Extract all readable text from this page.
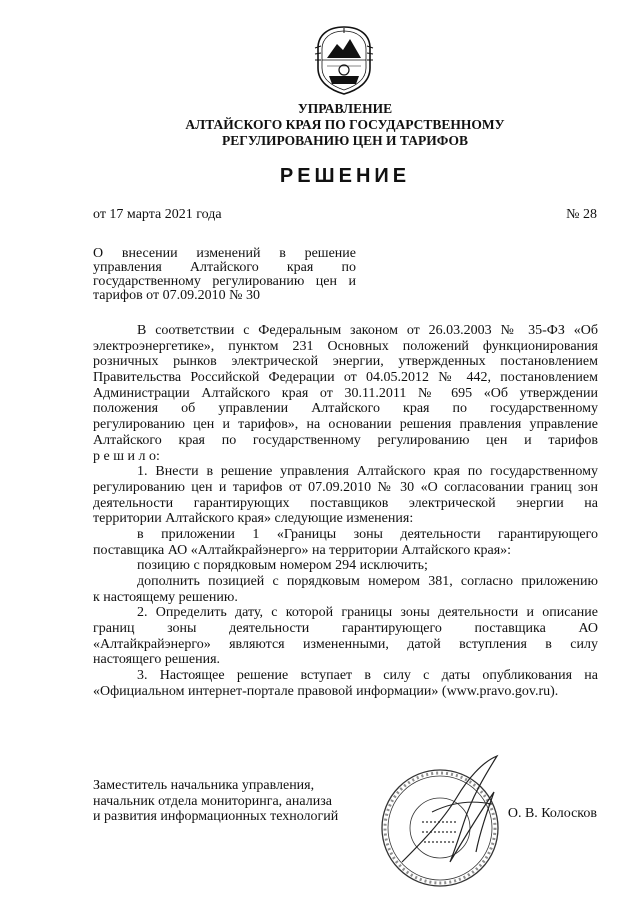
УПРАВЛЕНИЕ
АЛТАЙСКОГО КРАЯ ПО ГОСУДАРСТВЕННОМУ
РЕГУЛИРОВАНИЮ ЦЕН И ТАРИФОВ
РЕШЕНИЕ
от 17 марта 2021 года	№ 28
О внесении изменений в решение
управления Алтайского края по
государственному регулированию цен и
тарифов от 07.09.2010 № 30
В соответствии с Федеральным законом от 26.03.2003 № 35-ФЗ «Об
электроэнергетике», пунктом 231 Основных положений функционирования
розничных рынков электрической энергии, утвержденных постановлением
Правительства Российской Федерации от 04.05.2012 № 442, постановлением
Администрации Алтайского края от 30.11.2011 № 695 «Об утверждении
положения об управлении Алтайского края по государственному
регулированию цен и тарифов», на основании решения правления управление
Алтайского края по государственному регулированию цен и тарифов
р е ш и л о:
1. Внести в решение управления Алтайского края по государственному
регулированию цен и тарифов от 07.09.2010 № 30 «О согласовании границ зон
деятельности гарантирующих поставщиков электрической энергии на
территории Алтайского края» следующие изменения:
в приложении 1 «Границы зоны деятельности гарантирующего
поставщика АО «Алтайкрайэнерго» на территории Алтайского края»:
позицию с порядковым номером 294 исключить;
дополнить позицией с порядковым номером 381, согласно приложению
к настоящему решению.
2. Определить дату, с которой границы зоны деятельности и описание
границ зоны деятельности гарантирующего поставщика АО
«Алтайкрайэнерго» являются измененными, датой вступления в силу
настоящего решения.
3. Настоящее решение вступает в силу с даты опубликования на
«Официальном интернет-портале правовой информации» (www.pravo.gov.ru).
Заместитель начальника управления,
начальник отдела мониторинга, анализа
и развития информационных технологий	О. В. Колосков
